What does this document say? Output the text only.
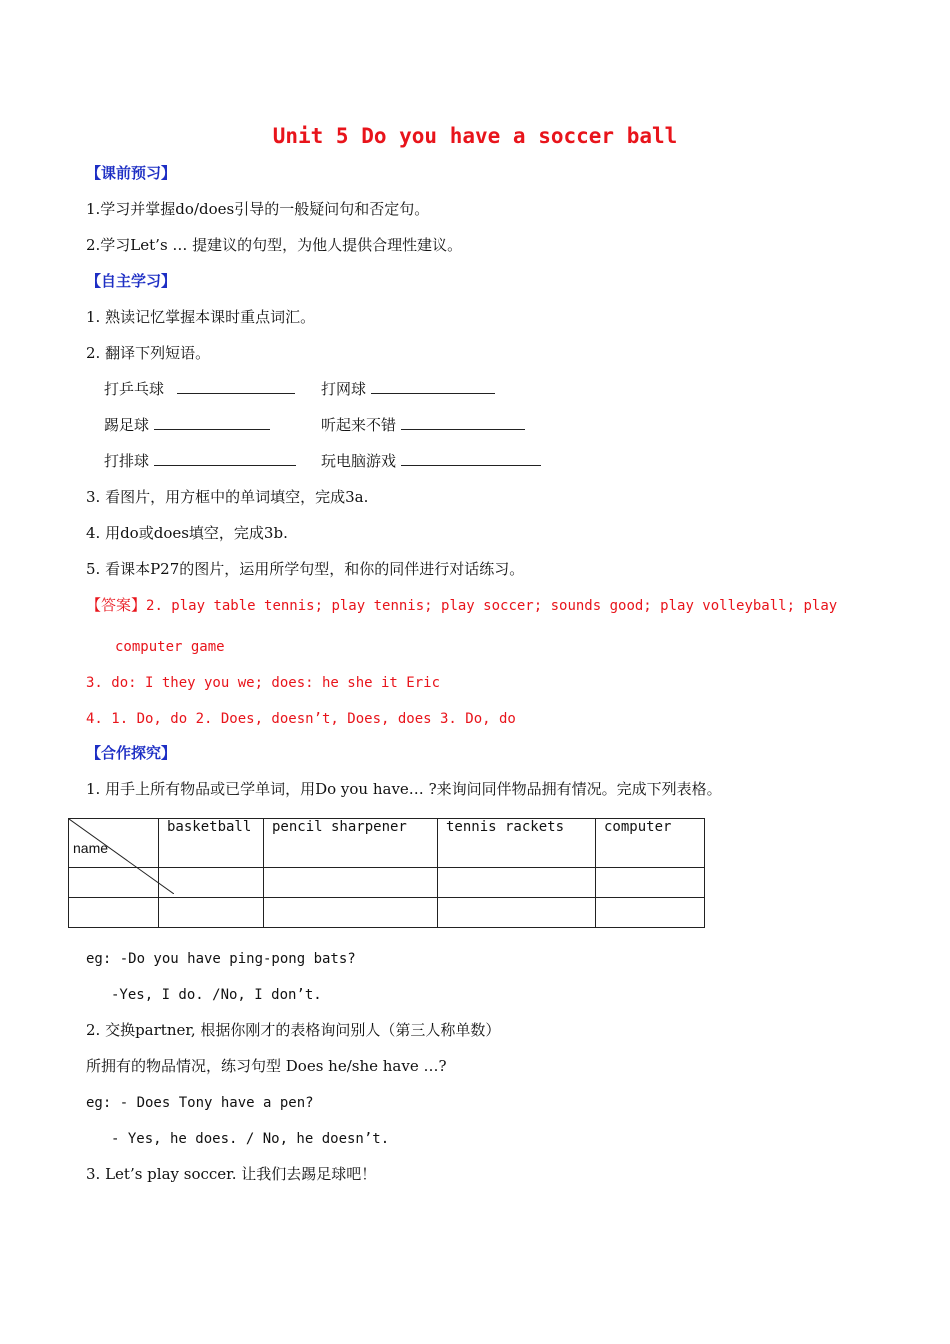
Unit 5 Do you have a soccer ball
【课前预习】
1.学习并掌握do/does引导的一般疑问句和否定句。
2.学习Let’s … 提建议的句型，为他人提供合理性建议。
【自主学习】
1. 熟读记忆掌握本课时重点词汇。
2. 翻译下列短语。
打乒乓球	打网球
踢足球	听起来不错
打排球	玩电脑游戏
3. 看图片，用方框中的单词填空，完成3a.
4. 用do或does填空，完成3b.
5. 看课本P27的图片，运用所学句型，和你的同伴进行对话练习。
【答案】2. play table tennis; play tennis; play soccer; sounds good; play volleyball; play
computer game
3. do: I they you we; does: he she it Eric
4. 1. Do, do 2. Does, doesn’t, Does, does 3. Do, do
【合作探究】
1. 用手上所有物品或已学单词，用Do you have… ?来询问同伴物品拥有情况。完成下列表格。
name	basketball	pencil sharpener	tennis rackets	computer

eg: -Do you have ping-pong bats?
-Yes, I do. /No, I don’t.
2. 交换partner, 根据你刚才的表格询问别人（第三人称单数）
所拥有的物品情况，练习句型 Does he/she have …?
eg: - Does Tony have a pen?
- Yes, he does. / No, he doesn’t.
3. Let’s play soccer. 让我们去踢足球吧！
